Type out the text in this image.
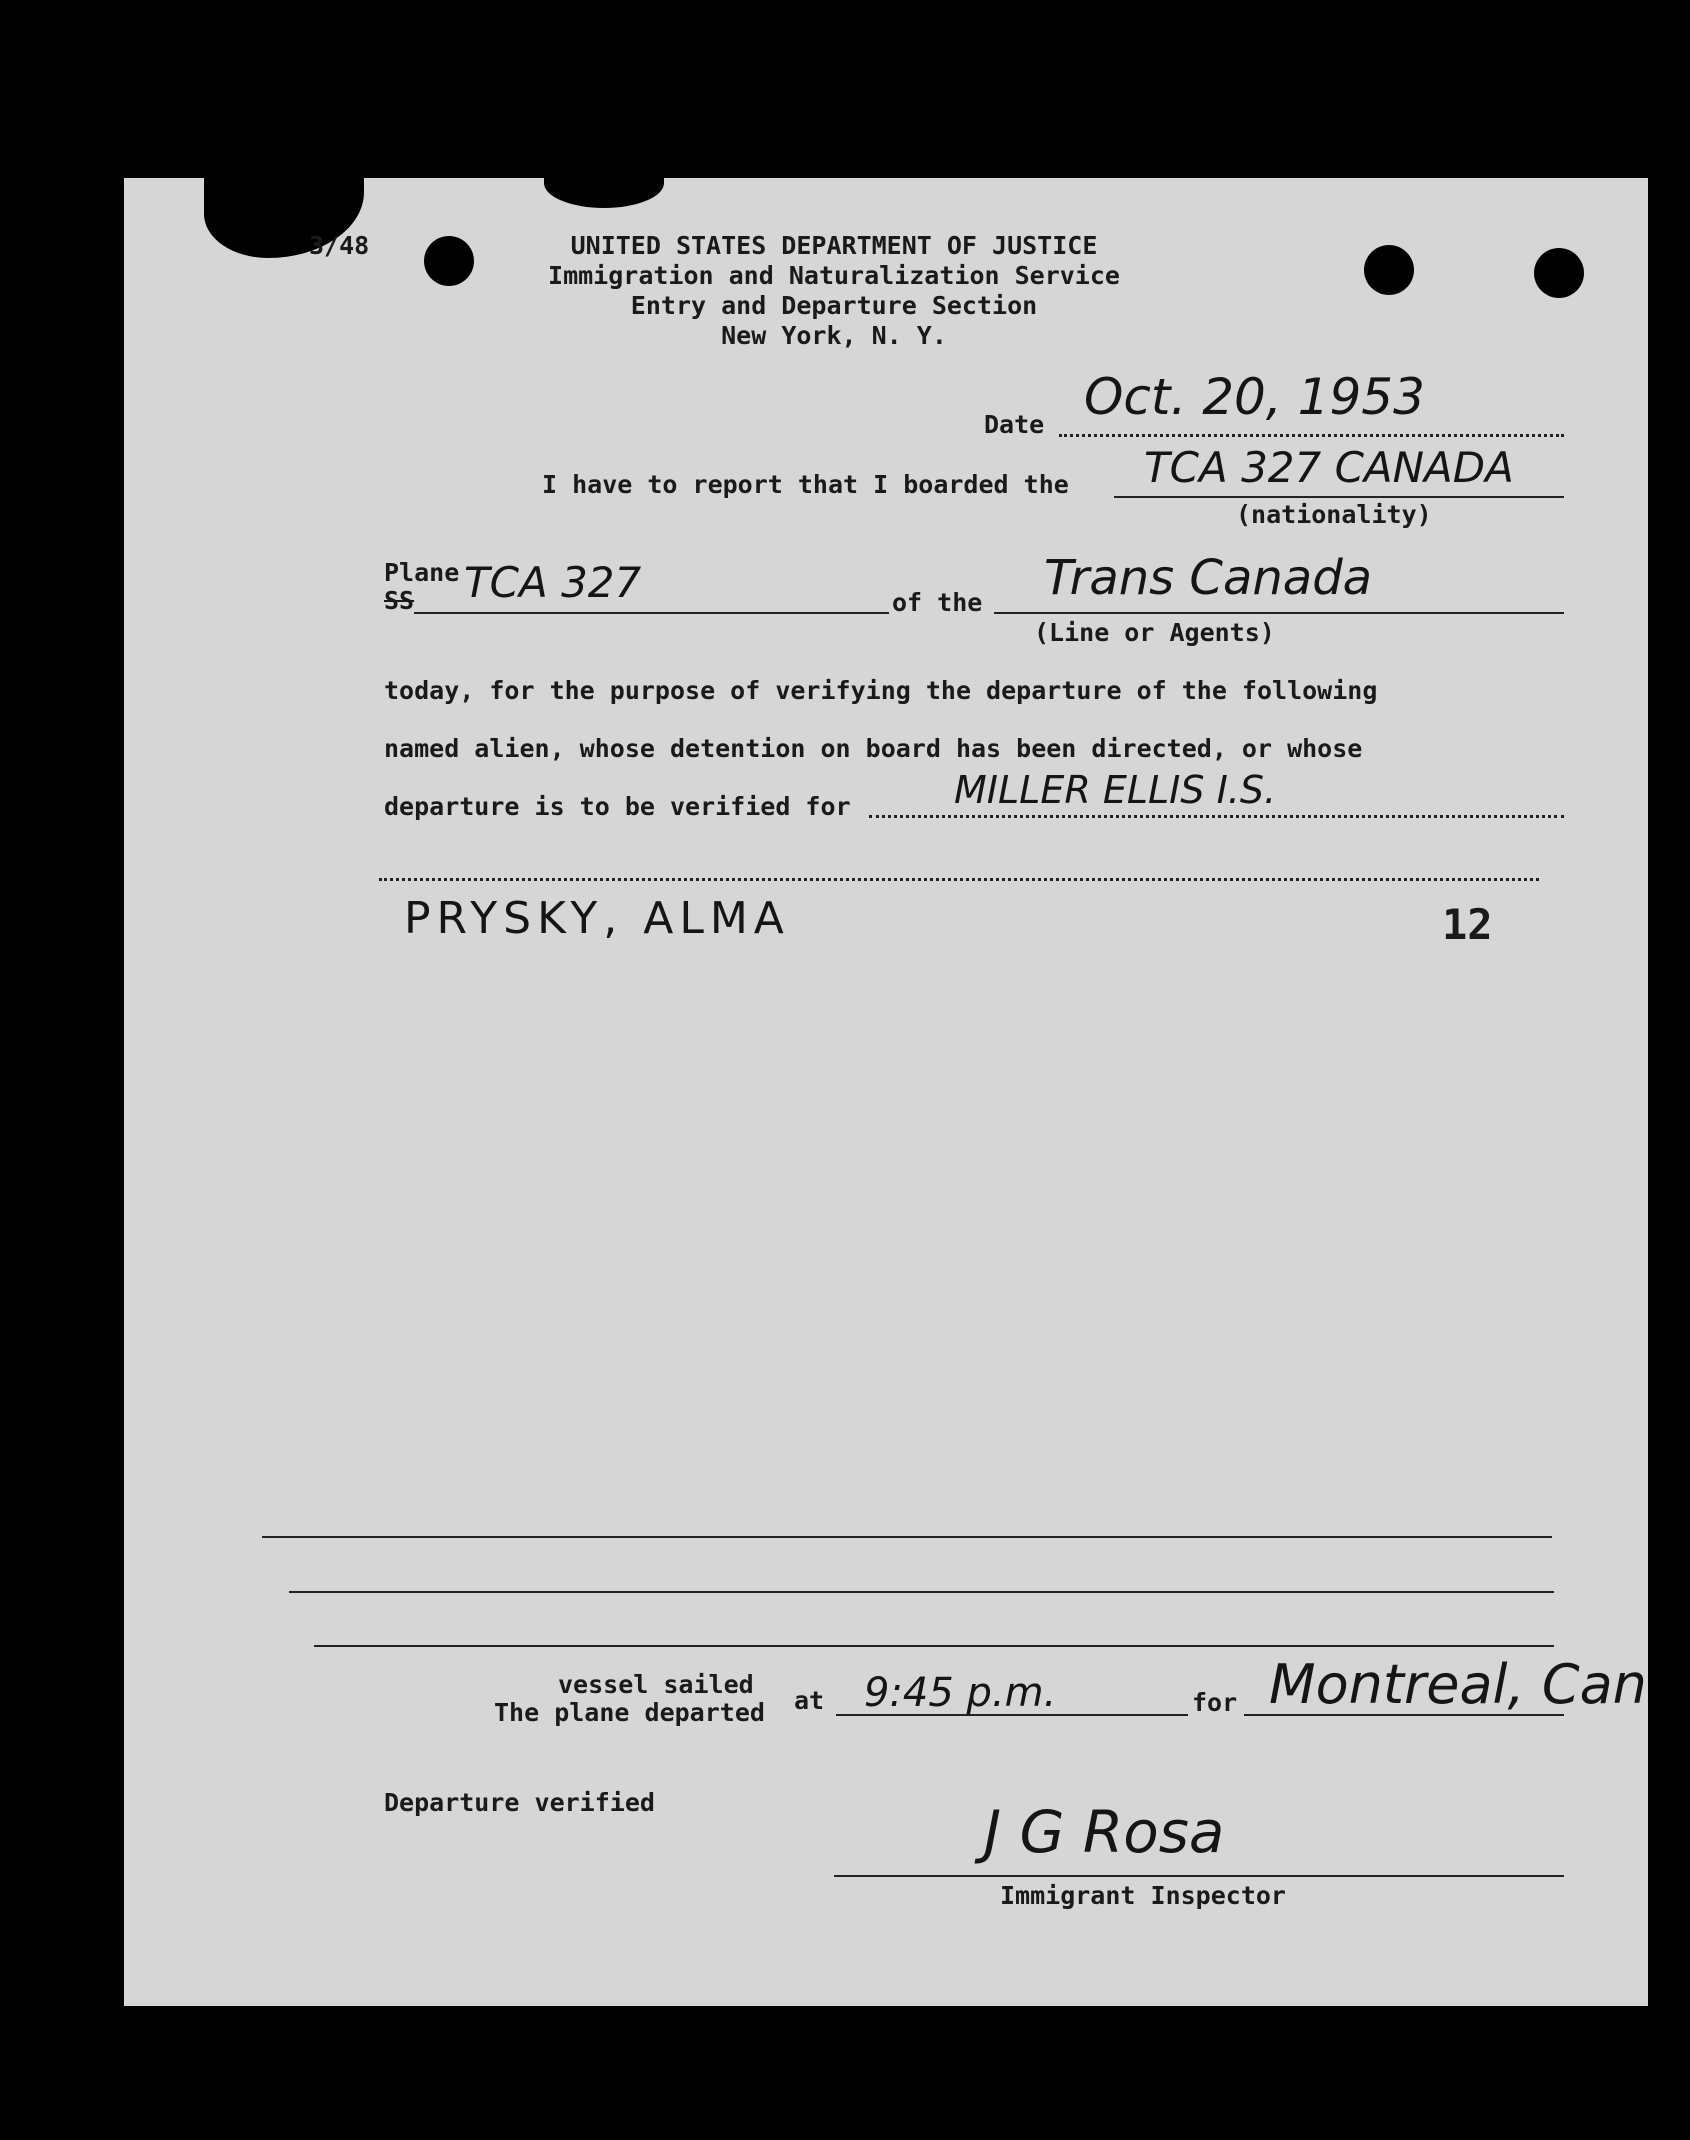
3/48	UNITED STATES DEPARTMENT OF JUSTICE
Immigration and Naturalization Service
Entry and Departure Section
New York, N. Y.
Date Oct. 20, 1953
I have to report that I boarded the TCA 327 CANADA
(nationality)
Plane
SS TCA 327	of the Trans Canada
(Line or Agents)
today, for the purpose of verifying the departure of the following
named alien, whose detention on board has been directed, or whose
departure is to be verified for	MILLER ELLIS I.S.
PRYSKY, ALMA	12
vessel sailed
The plane departed at 9:45 p.m.	for Montreal, Can
Departure verified	J G Rosa
Immigrant Inspector
